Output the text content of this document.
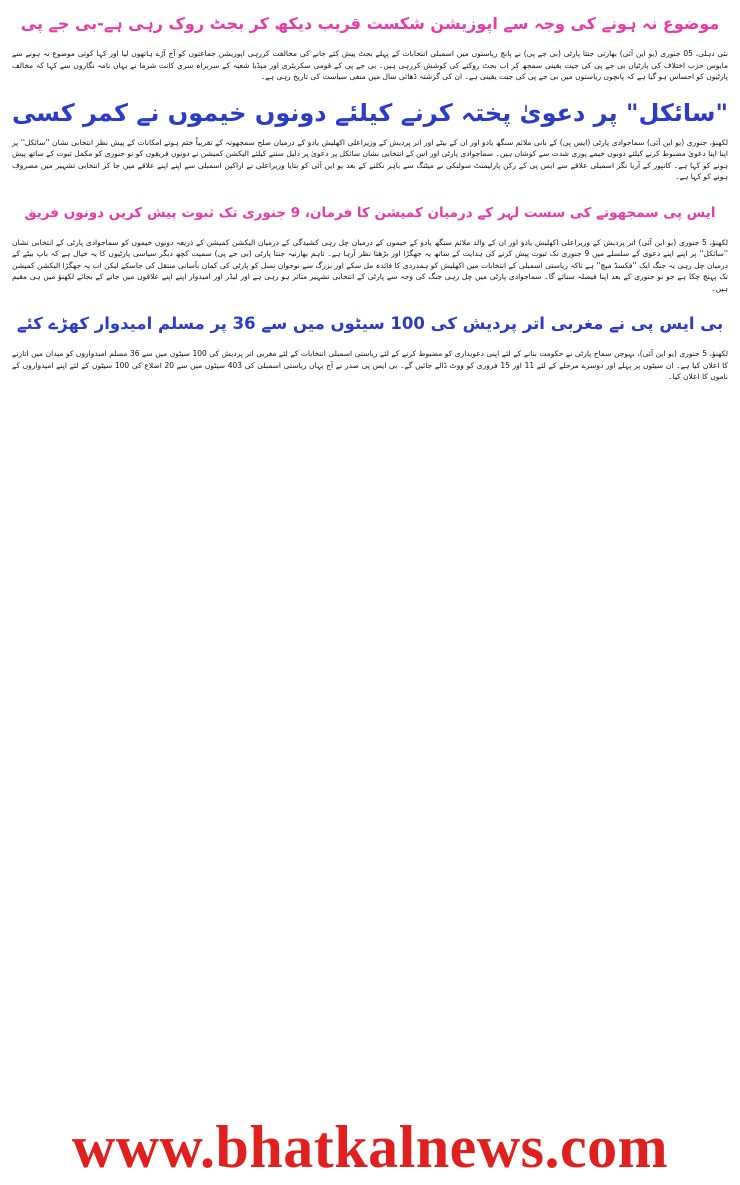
موضوع نہ ہونے کی وجہ سے اپوزیشن شکست قریب دیکھ کر بجٹ روک رہی ہے-بی جے پی

نئی دہلی، 05 جنوری (یو این آئی) بھارتی جنتا پارٹی (بی جے پی) نے پانچ ریاستوں میں اسمبلی انتخابات کے پہلے بجٹ پیش کئے جانے کی مخالفت کررہی اپوزیشن جماعتوں کو آج آڑے ہاتھوں لیا اور کہا کوئی موضوع نہ ہونے سے مایوس حزب اختلاف کی پارٹیاں بی جے پی کی جیت یقینی سمجھ کر اب بجٹ روکنے کی کوشش کررہی ہیں۔ بی جے پی کے قومی سکریٹری اور میڈیا شعبہ کے سربراہ سری کانت شرما نے یہاں نامہ نگاروں سے کہا کہ مخالف پارٹیوں کو احساس ہو گیا ہے کہ پانچوں ریاستوں میں بی جے پی کی جیت یقینی ہے۔ ان کی گزشتہ ڈھائی سال میں منفی سیاست کی تاریخ رہی ہے۔

"سائکل" پر دعویٰ پختہ کرنے کیلئے دونوں خیموں نے کمر کسی

لکھنؤ، جنوری (یو این آئی) سماجوادی پارٹی (ایس پی) کے بانی ملائم سنگھ یادو اور ان کے بیٹے اور اتر پردیش کے وزیراعلی اکھلیش یادو کے درمیان صلح سمجھوتہ کے تقریباً ختم ہوتے امکانات کے پیش نظر انتخابی نشان ''سائکل'' پر اپنا اپنا دعویٰ مضبوط کرنے کیلئے دونوں خیمے پوری شدت سے کوشاں ہیں۔ سماجوادی پارٹی اور اس کے انتخابی نشان سائکل پر دعویٰ پر دلیل سننے کیلئے الیکشن کمیشن نے دونوں فریقوں کو نو جنوری کو مکمل ثبوت کے ساتھ پیش ہونے کو کہا ہے۔ کانپور کے آریا نگر اسمبلی علاقے سے ایس پی کے رکن پارلیمنٹ سولنکی نے میٹنگ سے باہر نکلنے کے بعد یو این آئی کو بتایا وزیراعلی نے اراکین اسمبلی سے اپنے اپنے علاقے میں جا کر انتخابی تشہیر میں مصروف ہونے کو کہا ہے۔

ایس پی سمجھوتے کی سست لہر کے درمیان کمیشن کا فرمان، 9 جنوری تک ثبوت پیش کریں دونوں فریق

لکھنؤ، 5 جنوری (یو این آئی) اتر پردیش کے وزیراعلی اکھلیش یادو اور ان کے والد ملائم سنگھ یادو کے خیموں کے درمیان چل رہی کشیدگی کے درمیان الیکشن کمیشن کے ذریعہ دونوں خیموں کو سماجوادی پارٹی کے انتخابی نشان ''سائکل'' پر اپنے اپنے دعوی کے سلسلے میں 9 جنوری تک ثبوت پیش کرنے کی ہدایت کے ساتھ یہ جھگڑا اور بڑھتا نظر آرہا ہے۔ تاہم بھارتیہ جنتا پارٹی (بی جے پی) سمیت کچھ دیگر سیاسی پارٹیوں کا یہ خیال ہے کہ باپ بیٹے کے درمیان چل رہی یہ جنگ ایک ''فکسڈ میچ'' ہے تاکہ ریاستی اسمبلی کے انتخابات میں اکھلیش کو ہمدردی کا فائدہ مل سکے اور بزرگ سے نوجوان نسل کو پارٹی کی کمان بآسانی منتقل کی جاسکے لیکن اب یہ جھگڑا الیکشن کمیشن تک پہنچ چکا ہے جو نو جنوری کے بعد اپنا فیصلہ سنائے گا۔ سماجوادی پارٹی میں چل رہی جنگ کی وجہ سے پارٹی کے انتخابی تشہیر متاثر ہو رہی ہے اور لیڈر اور امیدوار اپنے اپنے علاقوں میں جانے کے بجائے لکھنؤ میں ہی مقیم ہیں۔

بی ایس پی نے مغربی اتر پردیش کی 100 سیٹوں میں سے 36 پر مسلم امیدوار کھڑے کئے

لکھنؤ، 5 جنوری (یو این آئی)، بہوجن سماج پارٹی نے حکومت بنانے کے لئے اپنی دعویداری کو مضبوط کرنے کے لئے ریاستی اسمبلی انتخابات کے لئے مغربی اتر پردیش کی 100 سیٹوں میں سے 36 مسلم امیدواروں کو میدان میں اتارنے کا اعلان کیا ہے۔ ان سیٹوں پر پہلے اور دوسرے مرحلے کے لئے 11 اور 15 فروری کو ووٹ ڈالے جائیں گے۔ بی ایس پی صدر نے آج یہاں ریاستی اسمبلی کی 403 سیٹوں میں سے 20 اضلاع کی 100 سیٹوں کے لئے اپنے امیدواروں کے ناموں کا اعلان کیا۔

www.bhatkalnews.com
